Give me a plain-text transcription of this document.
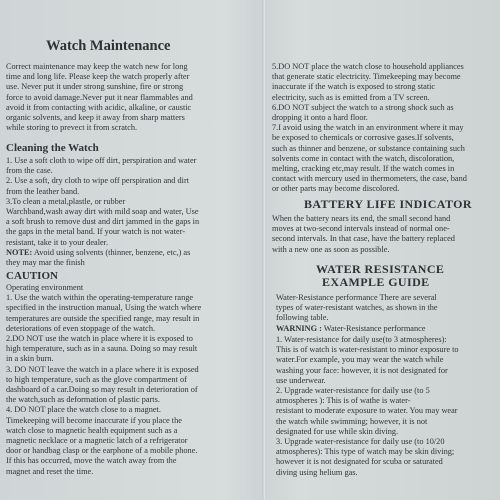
Watch Maintenance
Correct maintenance may keep the watch new for long
time and long life. Please keep the watch properly after
use. Never put it under strong sunshine, fire or strong
force to avoid damage.Never put it near flammables and
avoid it from contacting with acidic, alkaline, or caustic
organic solvents, and keep it away from sharp matters
while storing to prevect it from scratch.
Cleaning the Watch
1. Use a soft cloth to wipe off dirt, perspiration and water
from the case.
2. Use a soft, dry cloth to wipe off perspiration and dirt
from the leather band.
3.To clean a metal,plastle, or rubber
Warchband,wash away dirt with mild soap and water, Use
a soft brush to remove dust and dirt jammed in the gaps in
the gaps in the metal band. If your watch is not water-
resistant, take it to your dealer.
NOTE: Avoid using solvents (thinner, benzene, etc,) as
they may mar the finish
CAUTION
Operating environment
1. Use the watch within the operating-temperature range
specified in the instruction manual, Using the watch where
temperatures are outside the specified range, may result in
deteriorations of even stoppage of the watch.
2.DO NOT use the watch in place where it is exposed to
high temperature, such as in a sauna. Doing so may result
in a skin burn.
3. DO NOT leave the watch in a place where it is exposed
to high temperature, such as the glove compartment of
dashboard of a car.Doing so may result in deterioration of
the watch,such as deformation of plastic parts.
4. DO NOT place the watch close to a magnet.
Timekeeping will become inaccurate if you place the
watch close to magnetic health equipment such as a
magnetic necklace or a magnetic latch of a refrigerator
door or handbag clasp or the earphone of a mobile phone.
If this has occurred, move the watch away from the
magnet and reset the time.
5.DO NOT place the watch close to household appliances
that generate static electricity. Timekeeping may become
inaccurate if the watch is exposed to strong static
electricity, such as is emitted from a TV screen.
6.DO NOT subject the watch to a strong shock such as
dropping it onto a hard floor.
7.I avoid using the watch in an environment where it may
be exposed to chemicals or corrosive gases.If solvents,
such as thinner and benzene, or substance containing such
solvents come in contact with the watch, discoloration,
melting, cracking etc,may result. If the watch comes in
contact with mercury used in thermometers, the case, band
or other parts may become discolored.
BATTERY LIFE INDICATOR
When the battery nears its end, the small second hand
moves at two-second intervals instead of normal one-
second intervals. In that case, have the battery replaced
with a new one as soon as possible.
WATER RESISTANCE
EXAMPLE GUIDE
Water-Resistance performance There are several
types of water-resistant watches, as shown in the
following table.
WARNING : Water-Resistance performance
1. Water-resistance for daily use(to 3 atmospheres):
This is of watch is water-resistant to minor exposure to
water.For example, you may wear the watch while
washing your face: however, it is not designated for
use underwear.
2. Upgrade water-resistance for daily use (to 5
atmospheres ): This is of wathe is water-
resistant to moderate exposure to water. You may wear
the watch while swimming; however, it is not
designated for use while skin diving.
3. Upgrade water-resistance for daily use (to 10/20
atmospheres): This type of watch may be skin diving;
however it is not designated for scuba or saturated
diving using helium gas.
